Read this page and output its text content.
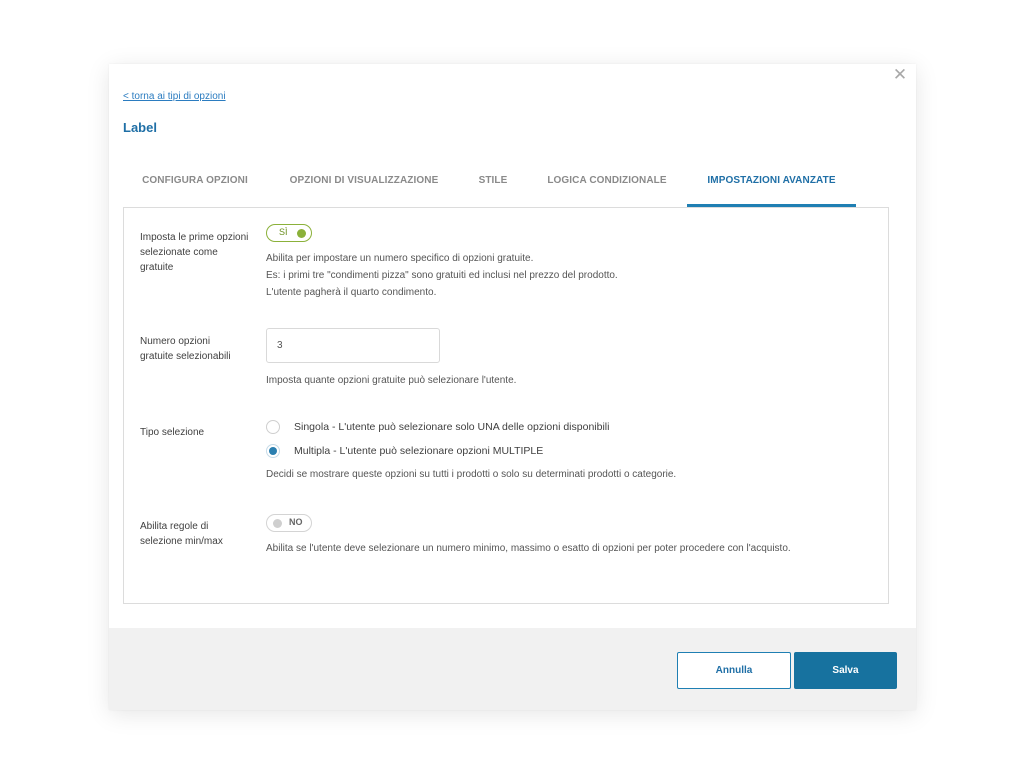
✕
< torna ai tipi di opzioni
Label
CONFIGURA OPZIONI	OPZIONI DI VISUALIZZAZIONE	STILE	LOGICA CONDIZIONALE	IMPOSTAZIONI AVANZATE
Imposta le prime opzioni selezionate come gratuite
SÌ
Abilita per impostare un numero specifico di opzioni gratuite.
Es: i primi tre "condimenti pizza" sono gratuiti ed inclusi nel prezzo del prodotto.
L'utente pagherà il quarto condimento.
Numero opzioni gratuite selezionabili
3
Imposta quante opzioni gratuite può selezionare l'utente.
Tipo selezione	Singola - L'utente può selezionare solo UNA delle opzioni disponibili
Multipla - L'utente può selezionare opzioni MULTIPLE
Decidi se mostrare queste opzioni su tutti i prodotti o solo su determinati prodotti o categorie.
Abilita regole di selezione min/max
NO
Abilita se l'utente deve selezionare un numero minimo, massimo o esatto di opzioni per poter procedere con l'acquisto.
Annulla	Salva
